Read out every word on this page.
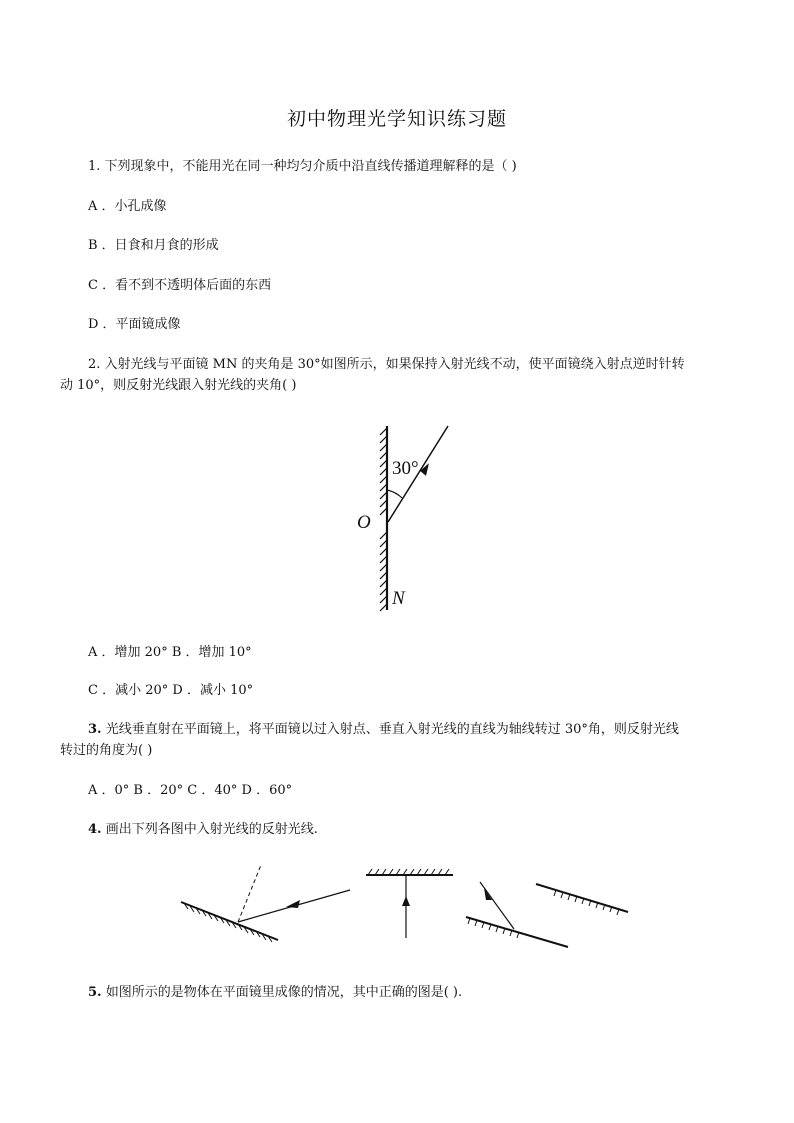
初中物理光学知识练习题
1. 下列现象中，不能用光在同一种均匀介质中沿直线传播道理解释的是（ )
A ．小孔成像
B ．日食和月食的形成
C ．看不到不透明体后面的东西
D ．平面镜成像
2. 入射光线与平面镜 MN 的夹角是 30°如图所示，如果保持入射光线不动，使平面镜绕入射点逆时针转
动 10°，则反射光线跟入射光线的夹角( )
30°
O
N
A ．增加 20° B ．增加 10°
C ．减小 20° D ．减小 10°
3. 光线垂直射在平面镜上，将平面镜以过入射点、垂直入射光线的直线为轴线转过 30°角，则反射光线
转过的角度为( )
A ．0° B ．20° C ．40° D ．60°
4. 画出下列各图中入射光线的反射光线.
5. 如图所示的是物体在平面镜里成像的情况，其中正确的图是( ).
